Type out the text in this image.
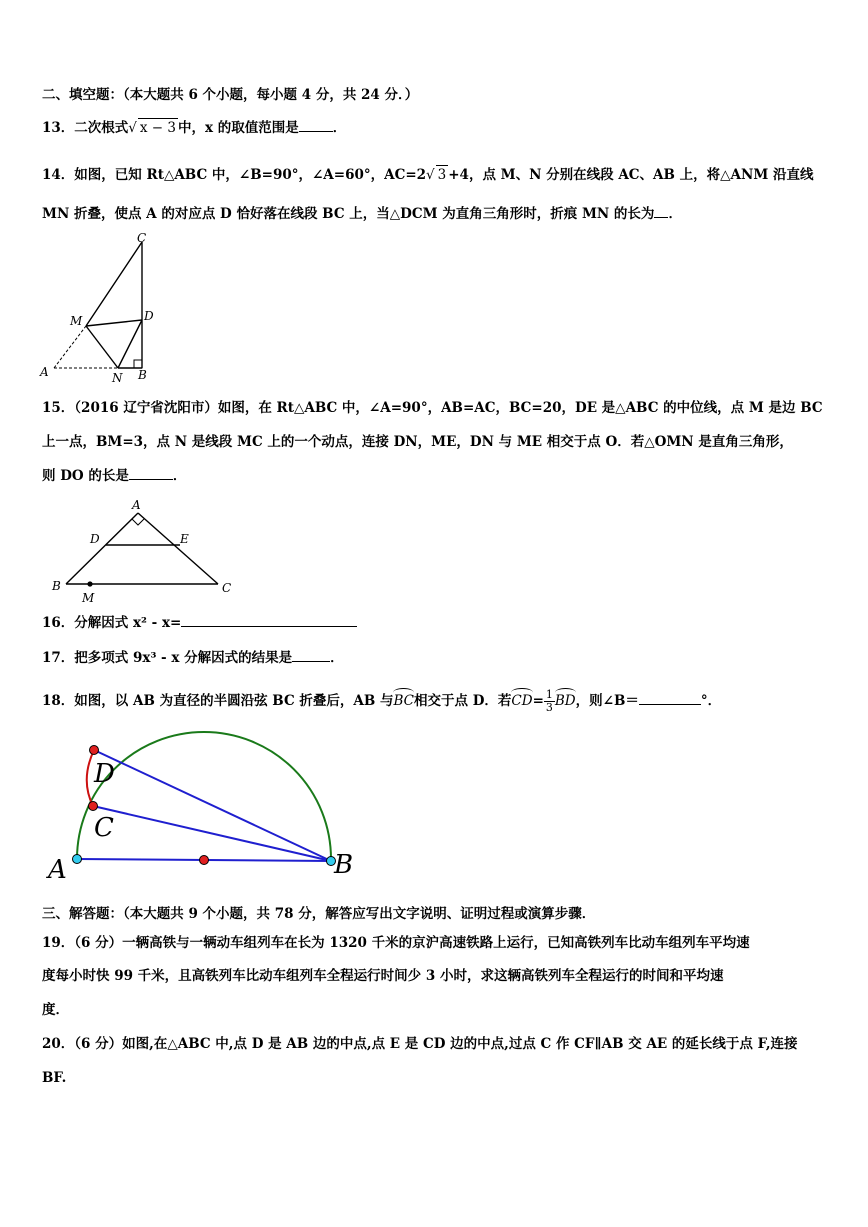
二、填空题：（本大题共 6 个小题，每小题 4 分，共 24 分．）
13．二次根式√ x − 3 中，x 的取值范围是	．
14．如图，已知 Rt△ABC 中，∠B=90°，∠A=60°，AC=2√ 3 +4，点 M、N 分别在线段 AC、AB 上，将△ANM 沿直线
MN 折叠，使点 A 的对应点 D 恰好落在线段 BC 上，当△DCM 为直角三角形时，折痕 MN 的长为 ．
C
M	D
A	N B
15．（2016 辽宁省沈阳市）如图，在 Rt△ABC 中，∠A=90°，AB=AC，BC=20，DE 是△ABC 的中位线，点 M 是边 BC
上一点，BM=3，点 N 是线段 MC 上的一个动点，连接 DN，ME，DN 与 ME 相交于点 O．若△OMN 是直角三角形，
则 DO 的长是	．
A
D	E
B	C
M
16．分解因式 x² - x=
17．把多项式 9x³ - x 分解因式的结果是	．
18．如图，以 AB 为直径的半圆沿弦 BC 折叠后，AB 与BC相交于点 D．若$CD= \frac{1}{3}$ BD，则∠B＝	°．
D
C
A	B
三、解答题：（本大题共 9 个小题，共 78 分，解答应写出文字说明、证明过程或演算步骤．
19．（6 分）一辆高铁与一辆动车组列车在长为 1320 千米的京沪高速铁路上运行，已知高铁列车比动车组列车平均速
度每小时快 99 千米，且高铁列车比动车组列车全程运行时间少 3 小时，求这辆高铁列车全程运行的时间和平均速
度．
20．（6 分）如图,在△ABC 中,点 D 是 AB 边的中点,点 E 是 CD 边的中点,过点 C 作 CF∥AB 交 AE 的延长线于点 F,连接
BF.
